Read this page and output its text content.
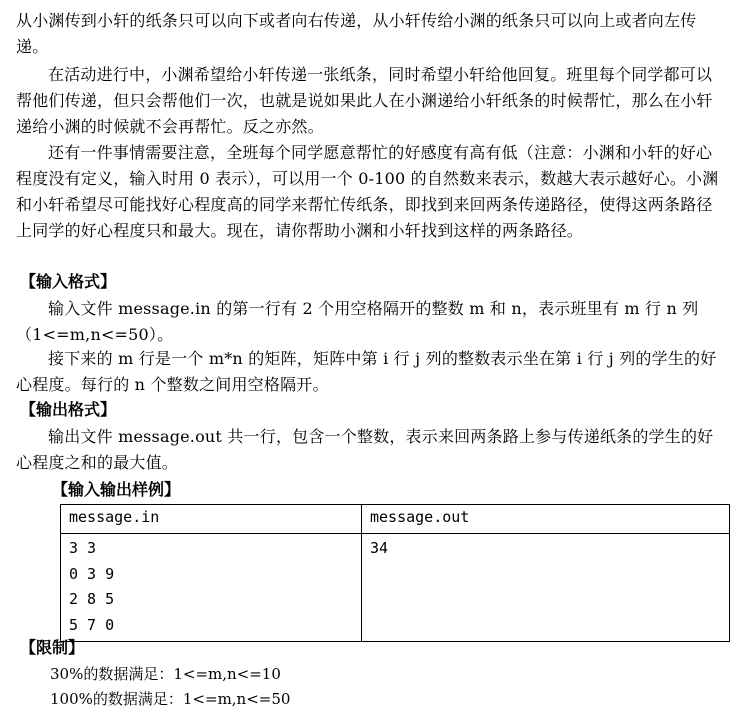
从小渊传到小轩的纸条只可以向下或者向右传递，从小轩传给小渊的纸条只可以向上或者向左传递。

在活动进行中，小渊希望给小轩传递一张纸条，同时希望小轩给他回复。班里每个同学都可以帮他们传递，但只会帮他们一次，也就是说如果此人在小渊递给小轩纸条的时候帮忙，那么在小轩递给小渊的时候就不会再帮忙。反之亦然。

还有一件事情需要注意，全班每个同学愿意帮忙的好感度有高有低（注意：小渊和小轩的好心程度没有定义，输入时用 0 表示），可以用一个 0-100 的自然数来表示，数越大表示越好心。小渊和小轩希望尽可能找好心程度高的同学来帮忙传纸条，即找到来回两条传递路径，使得这两条路径上同学的好心程度只和最大。现在，请你帮助小渊和小轩找到这样的两条路径。

【输入格式】

输入文件 message.in 的第一行有 2 个用空格隔开的整数 m 和 n，表示班里有 m 行 n 列（1<=m,n<=50）。

接下来的 m 行是一个 m*n 的矩阵，矩阵中第 i 行 j 列的整数表示坐在第 i 行 j 列的学生的好心程度。每行的 n 个整数之间用空格隔开。

【输出格式】

输出文件 message.out 共一行，包含一个整数，表示来回两条路上参与传递纸条的学生的好心程度之和的最大值。

【输入输出样例】
message.in	message.out

3 3
0 3 9
2 8 5
5 7 0	34
【限制】

30%的数据满足：1<=m,n<=10

100%的数据满足：1<=m,n<=50
